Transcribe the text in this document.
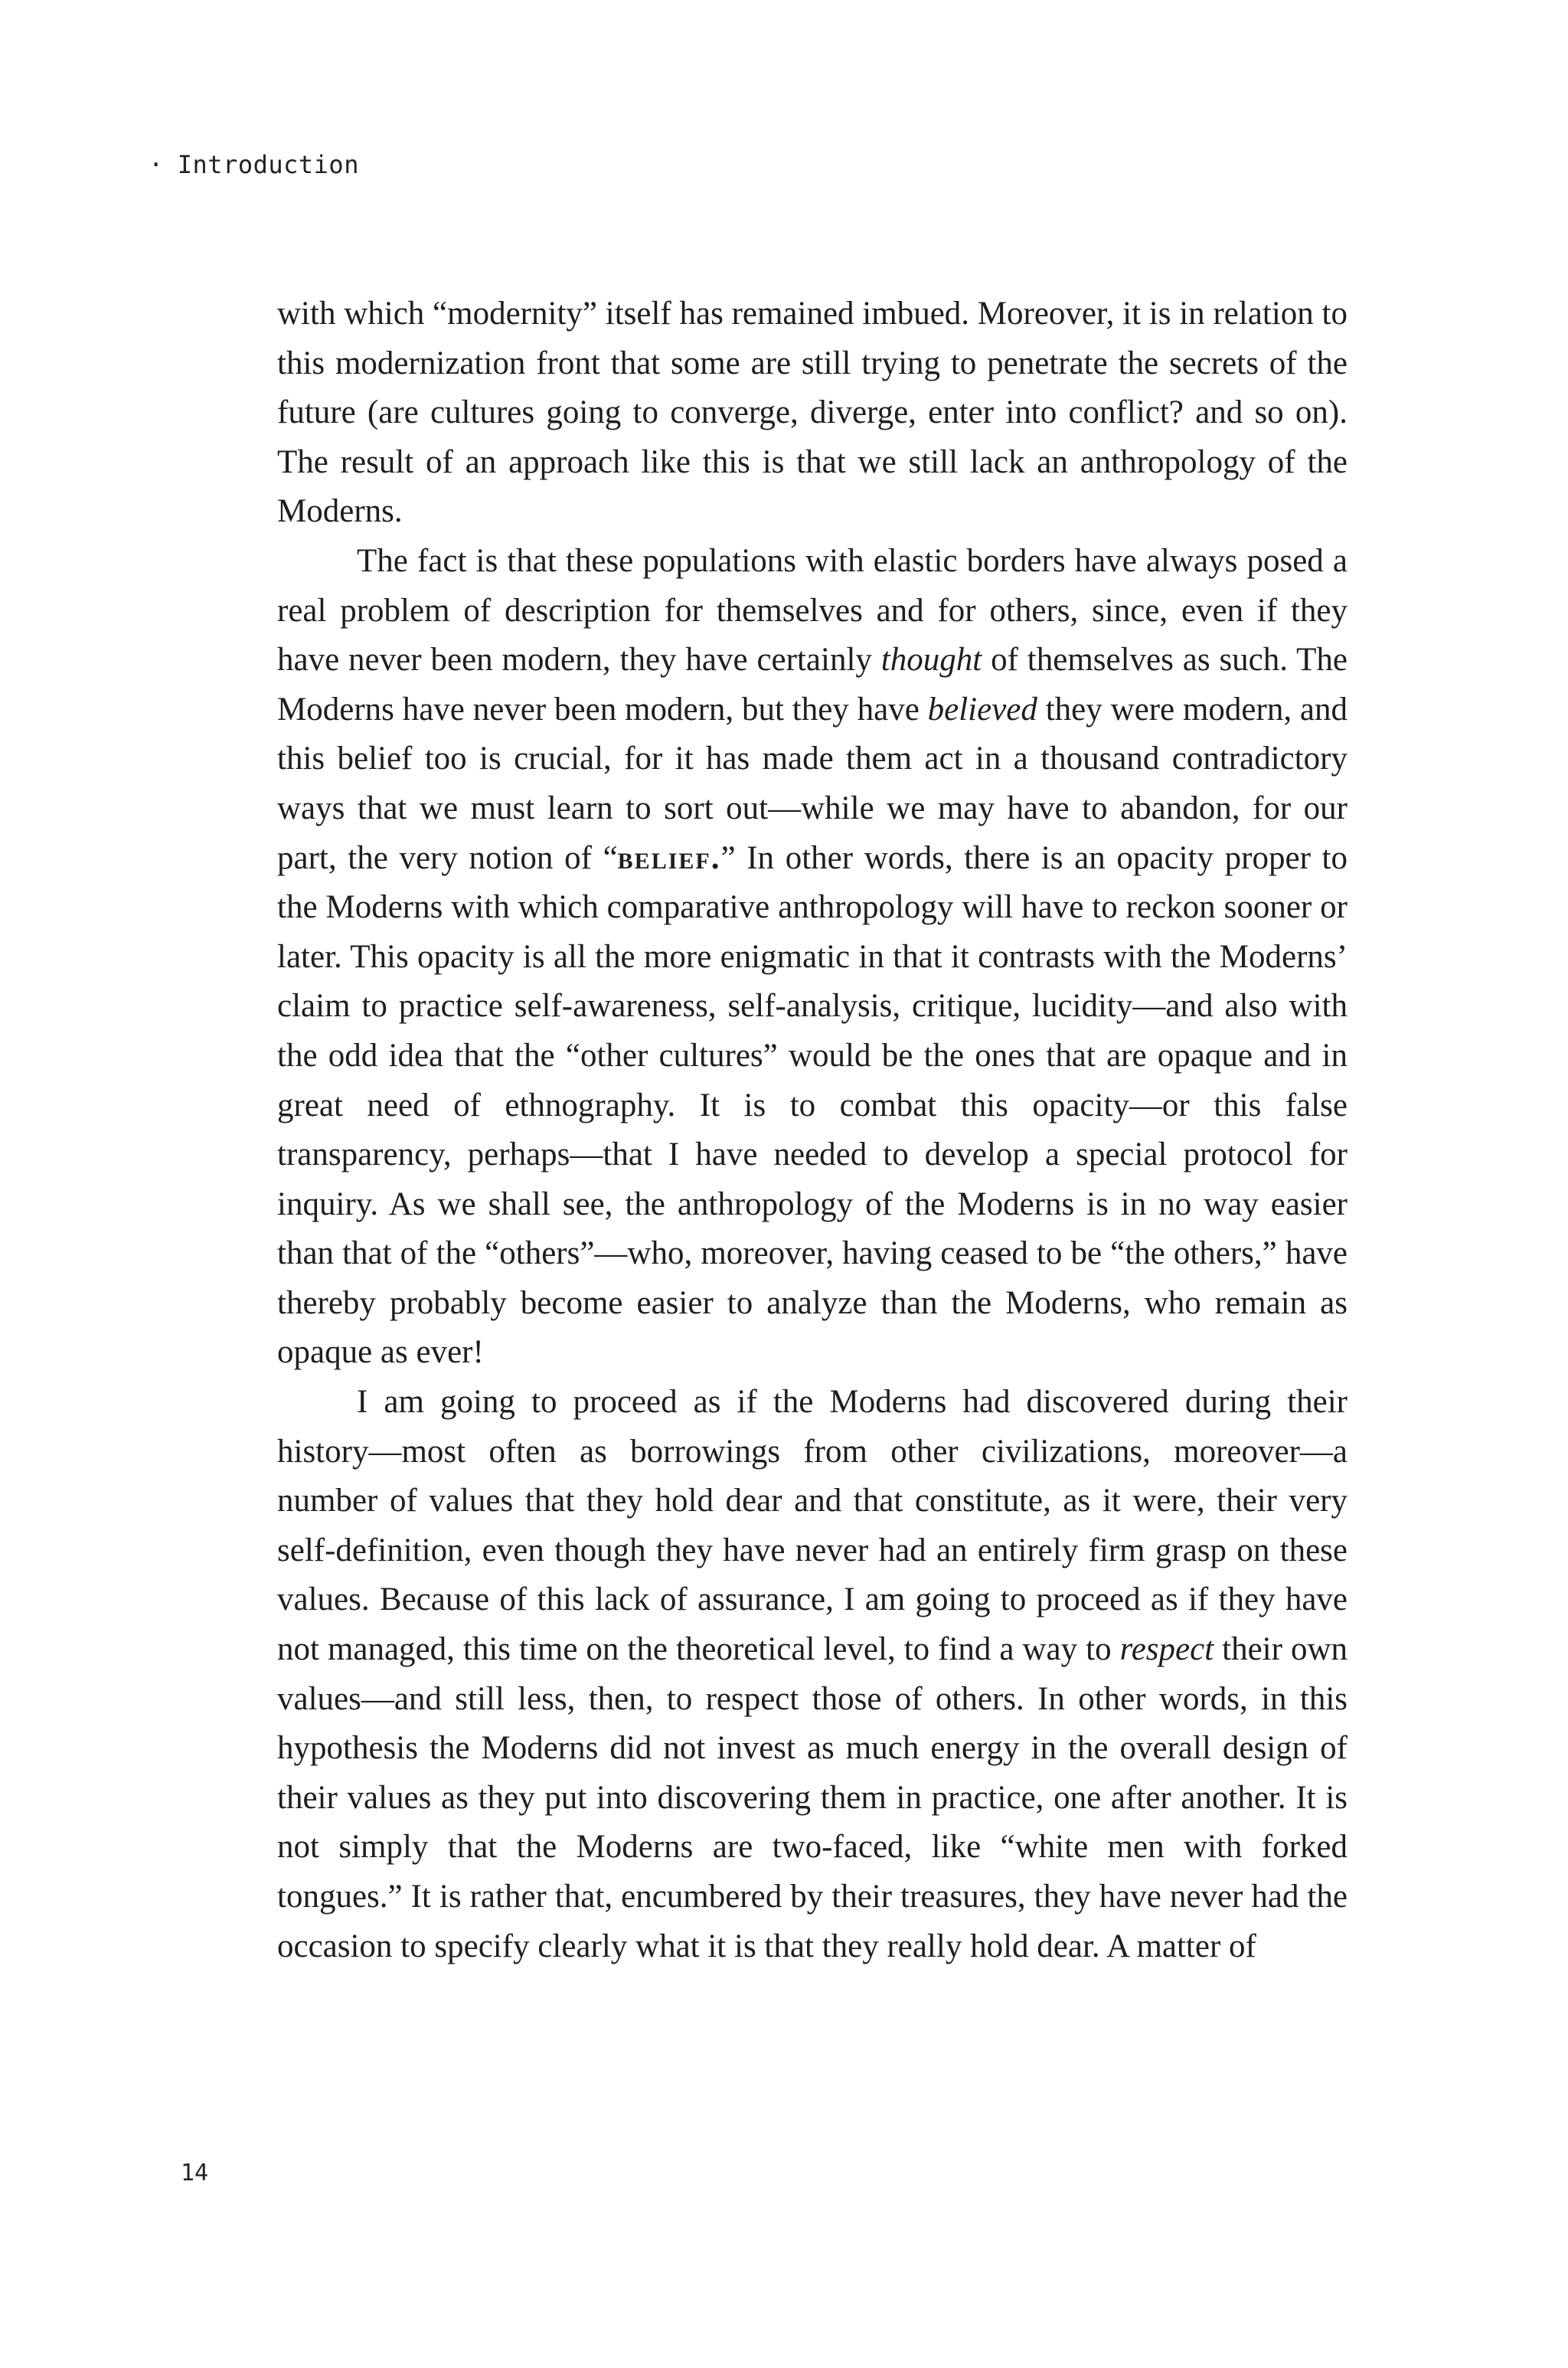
· Introduction

with which “modernity” itself has remained imbued. Moreover, it is in relation to this modernization front that some are still trying to penetrate the secrets of the future (are cultures going to converge, diverge, enter into conflict? and so on). The result of an approach like this is that we still lack an anthropology of the Moderns.

The fact is that these populations with elastic borders have always posed a real problem of description for themselves and for others, since, even if they have never been modern, they have certainly thought of themselves as such. The Moderns have never been modern, but they have believed they were modern, and this belief too is crucial, for it has made them act in a thousand contradictory ways that we must learn to sort out—while we may have to abandon, for our part, the very notion of “belief.” In other words, there is an opacity proper to the Moderns with which comparative anthropology will have to reckon sooner or later. This opacity is all the more enigmatic in that it contrasts with the Moderns’ claim to practice self-awareness, self-analysis, critique, lucidity—and also with the odd idea that the “other cultures” would be the ones that are opaque and in great need of ethnography. It is to combat this opacity—or this false transparency, perhaps—that I have needed to develop a special protocol for inquiry. As we shall see, the anthropology of the Moderns is in no way easier than that of the “others”—who, moreover, having ceased to be “the others,” have thereby probably become easier to analyze than the Moderns, who remain as opaque as ever!

I am going to proceed as if the Moderns had discovered during their history—most often as borrowings from other civilizations, moreover—a number of values that they hold dear and that constitute, as it were, their very self-definition, even though they have never had an entirely firm grasp on these values. Because of this lack of assurance, I am going to proceed as if they have not managed, this time on the theoretical level, to find a way to respect their own values—and still less, then, to respect those of others. In other words, in this hypothesis the Moderns did not invest as much energy in the overall design of their values as they put into discovering them in practice, one after another. It is not simply that the Moderns are two-faced, like “white men with forked tongues.” It is rather that, encumbered by their treasures, they have never had the occasion to specify clearly what it is that they really hold dear. A matter of

14
